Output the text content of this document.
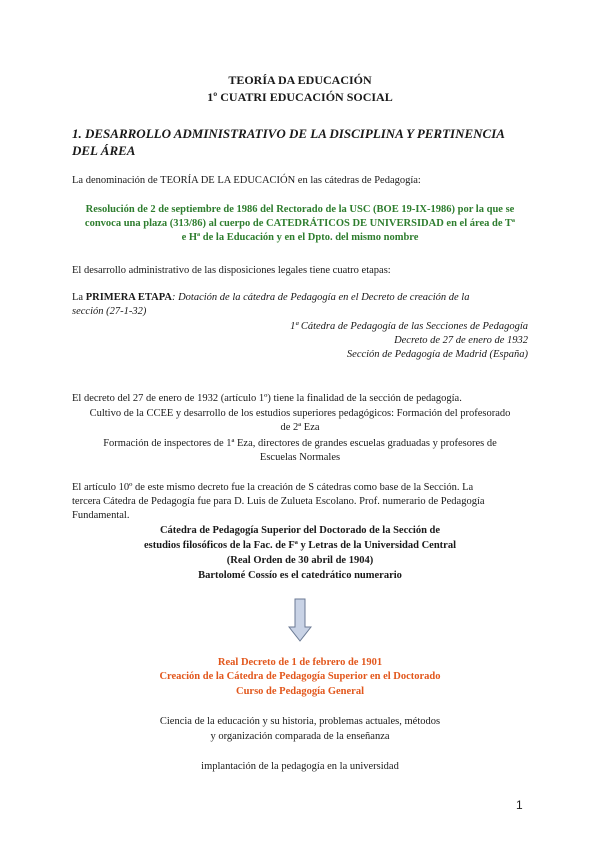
TEORÍA DA EDUCACIÓN
1º CUATRI EDUCACIÓN SOCIAL
1. DESARROLLO ADMINISTRATIVO DE LA DISCIPLINA Y PERTINENCIA
DEL ÁREA
La denominación de TEORÍA DE LA EDUCACIÓN en las cátedras de Pedagogía:
Resolución de 2 de septiembre de 1986 del Rectorado de la USC (BOE 19-IX-1986) por la que se
convoca una plaza (313/86) al cuerpo de CATEDRÁTICOS DE UNIVERSIDAD en el área de Tª
e Hª de la Educación y en el Dpto. del mismo nombre
El desarrollo administrativo de las disposiciones legales tiene cuatro etapas:
La PRIMERA ETAPA: Dotación de la cátedra de Pedagogía en el Decreto de creación de la
sección (27-1-32)
1ª Cátedra de Pedagogía de las Secciones de Pedagogía
Decreto de 27 de enero de 1932
Sección de Pedagogía de Madrid (España)
El decreto del 27 de enero de 1932 (artículo 1º) tiene la finalidad de la sección de pedagogía.
Cultivo de la CCEE y desarrollo de los estudios superiores pedagógicos: Formación del profesorado
de 2ª Eza
Formación de inspectores de 1ª Eza, directores de grandes escuelas graduadas y profesores de
Escuelas Normales
El artículo 10º de este mismo decreto fue la creación de S cátedras como base de la Sección. La
tercera Cátedra de Pedagogía fue para D. Luis de Zulueta Escolano. Prof. numerario de Pedagogía
Fundamental.
Cátedra de Pedagogía Superior del Doctorado de la Sección de
estudios filosóficos de la Fac. de Fª y Letras de la Universidad Central
(Real Orden de 30 abril de 1904)
Bartolomé Cossío es el catedrático numerario
Real Decreto de 1 de febrero de 1901
Creación de la Cátedra de Pedagogía Superior en el Doctorado
Curso de Pedagogía General
Ciencia de la educación y su historia, problemas actuales, métodos
y organización comparada de la enseñanza
implantación de la pedagogía en la universidad
1
